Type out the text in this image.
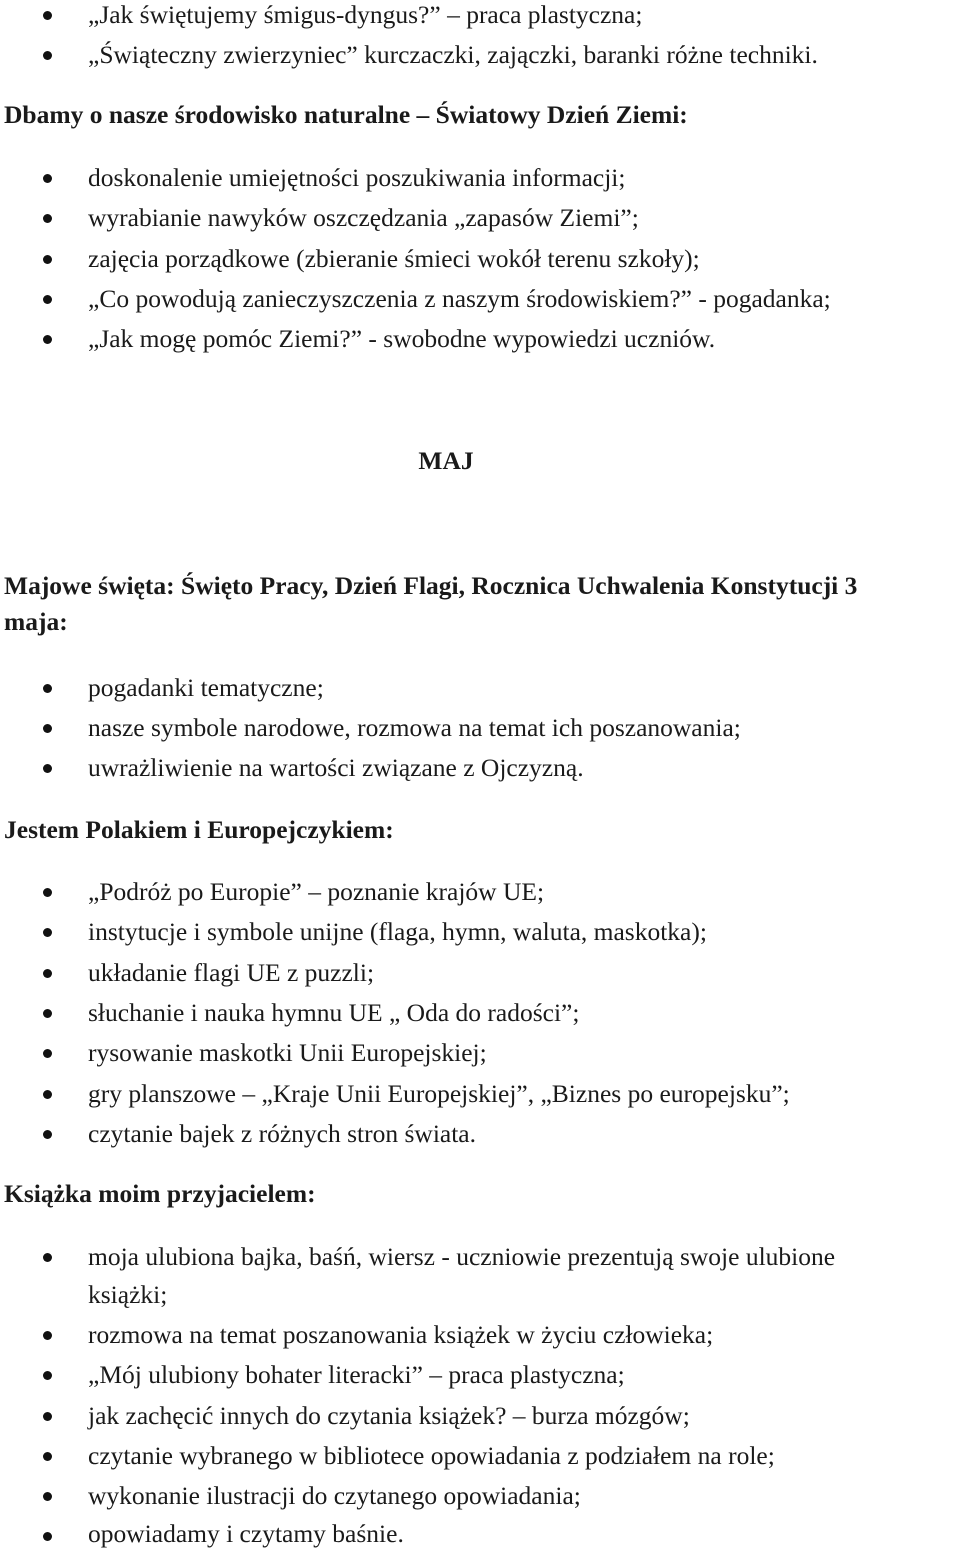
„Jak świętujemy śmigus-dyngus?” – praca plastyczna;
„Świąteczny zwierzyniec” kurczaczki, zajączki, baranki różne techniki.
Dbamy o nasze środowisko naturalne – Światowy Dzień Ziemi:
doskonalenie umiejętności poszukiwania informacji;
wyrabianie nawyków oszczędzania „zapasów Ziemi”;
zajęcia porządkowe (zbieranie śmieci wokół terenu szkoły);
„Co powodują zanieczyszczenia z naszym środowiskiem?” - pogadanka;
„Jak mogę pomóc Ziemi?” - swobodne wypowiedzi uczniów.
MAJ
Majowe święta: Święto Pracy, Dzień Flagi, Rocznica Uchwalenia Konstytucji 3
maja:
pogadanki tematyczne;
nasze symbole narodowe, rozmowa na temat ich poszanowania;
uwrażliwienie na wartości związane z Ojczyzną.
Jestem Polakiem i Europejczykiem:
„Podróż po Europie” – poznanie krajów UE;
instytucje i symbole unijne (flaga, hymn, waluta, maskotka);
układanie flagi UE z puzzli;
słuchanie i nauka hymnu UE „ Oda do radości”;
rysowanie maskotki Unii Europejskiej;
gry planszowe – „Kraje Unii Europejskiej”, „Biznes po europejsku”;
czytanie bajek z różnych stron świata.
Książka moim przyjacielem:
moja ulubiona bajka, baśń, wiersz - uczniowie prezentują swoje ulubione
książki;
rozmowa na temat poszanowania książek w życiu człowieka;
„Mój ulubiony bohater literacki” – praca plastyczna;
jak zachęcić innych do czytania książek? – burza mózgów;
czytanie wybranego w bibliotece opowiadania z podziałem na role;
wykonanie ilustracji do czytanego opowiadania;
opowiadamy i czytamy baśnie.
